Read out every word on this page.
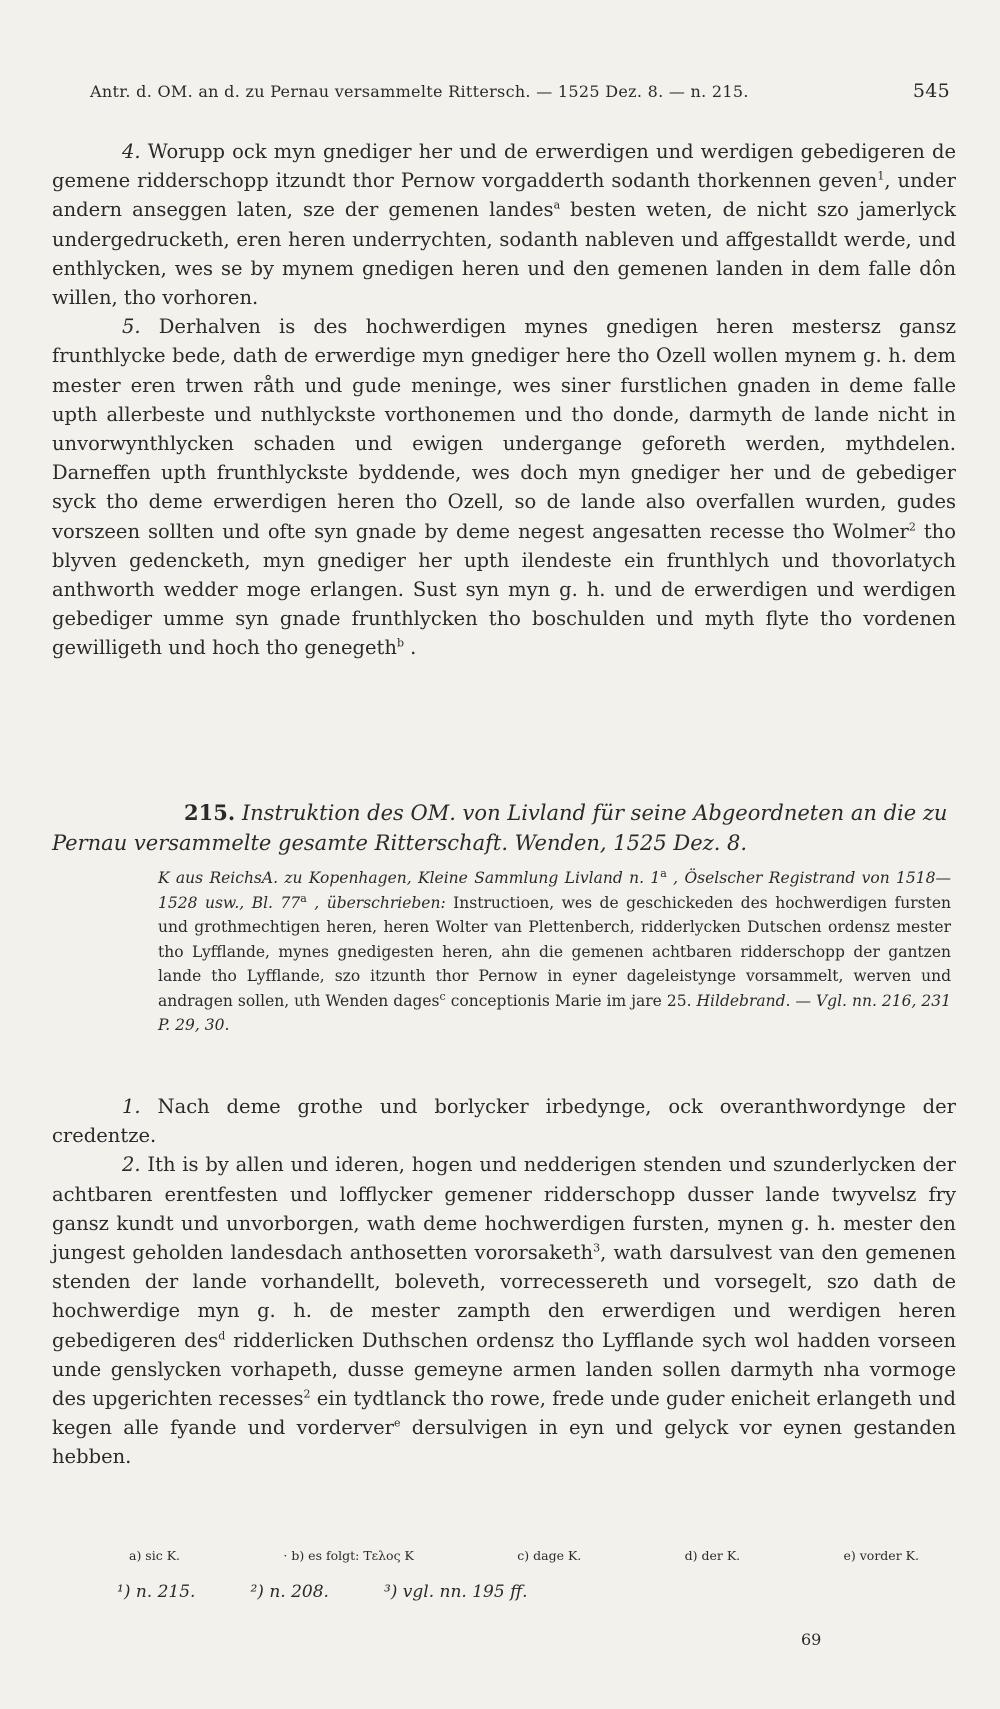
Antr. d. OM. an d. zu Pernau versammelte Rittersch. — 1525 Dez. 8. — n. 215.	545

4. Worupp ock myn gnediger her und de erwerdigen und werdigen gebedigeren de gemene ridderschopp itzundt thor Pernow vorgadderth sodanth thorkennen geven$^1$, under andern anseggen laten, sze der gemenen landes$^a$ besten weten, de nicht szo jamerlyck undergedrucketh, eren heren underrychten, sodanth nableven und affgestalldt werde, und enthlycken, wes se by mynem gnedigen heren und den gemenen landen in dem falle dôn willen, tho vorhoren.

5. Derhalven is des hochwerdigen mynes gnedigen heren mestersz gansz frunthlycke bede, dath de erwerdige myn gnediger here tho Ozell wollen mynem g. h. dem mester eren trwen råth und gude meninge, wes siner furstlichen gnaden in deme falle upth allerbeste und nuthlyckste vorthonemen und tho donde, darmyth de lande nicht in unvorwynthlycken schaden und ewigen undergange geforeth werden, mythdelen. Darneffen upth frunthlyckste byddende, wes doch myn gnediger her und de gebediger syck tho deme erwerdigen heren tho Ozell, so de lande also overfallen wurden, gudes vorszeen sollten und ofte syn gnade by deme negest angesatten recesse tho Wolmer$^2$ tho blyven gedencketh, myn gnediger her upth ilendeste ein frunthlych und thovorlatych anthworth wedder moge erlangen. Sust syn myn g. h. und de erwerdigen und werdigen gebediger umme syn gnade frunthlycken tho boschulden und myth flyte tho vordenen gewilligeth und hoch tho genegeth$^b$ .

215. Instruktion des OM. von Livland für seine Abgeordneten an die zu Pernau versammelte gesamte Ritterschaft. Wenden, 1525 Dez. 8.
K aus ReichsA. zu Kopenhagen, Kleine Sammlung Livland n. 1$^a$ , Öselscher Registrand von 1518—1528 usw., Bl. 77$^a$ , überschrieben: Instructioen, wes de geschickeden des hochwerdigen fursten und grothmechtigen heren, heren Wolter van Plettenberch, ridderlycken Dutschen ordensz mester tho Lyfflande, mynes gnedigesten heren, ahn die gemenen achtbaren ridderschopp der gantzen lande tho Lyfflande, szo itzunth thor Pernow in eyner dageleistynge vorsammelt, werven und andragen sollen, uth Wenden dages$^c$ conceptionis Marie im jare 25. Hildebrand. — Vgl. nn. 216, 231 P. 29, 30.

1. Nach deme grothe und borlycker irbedynge, ock overanthwordynge der credentze.

2. Ith is by allen und ideren, hogen und nedderigen stenden und szunderlycken der achtbaren erentfesten und lofflycker gemener ridderschopp dusser lande twyvelsz fry gansz kundt und unvorborgen, wath deme hochwerdigen fursten, mynen g. h. mester den jungest geholden landesdach anthosetten vororsaketh$^3$, wath darsulvest van den gemenen stenden der lande vorhandellt, boleveth, vorrecessereth und vorsegelt, szo dath de hochwerdige myn g. h. de mester zampth den erwerdigen und werdigen heren gebedigeren des$^d$ ridderlicken Duthschen ordensz tho Lyfflande sych wol hadden vorseen unde genslycken vorhapeth, dusse gemeyne armen landen sollen darmyth nha vormoge des upgerichten recesses$^2$ ein tydtlanck tho rowe, frede unde guder enicheit erlangeth und kegen alle fyande und vorderver$^e$ dersulvigen in eyn und gelyck vor eynen gestanden hebben.

a) sic K.	· b) es folgt: Τελος K	c) dage K.	d) der K.	e) vorder K.
¹) n. 215.	²) n. 208.	³) vgl. nn. 195 ff.
69
